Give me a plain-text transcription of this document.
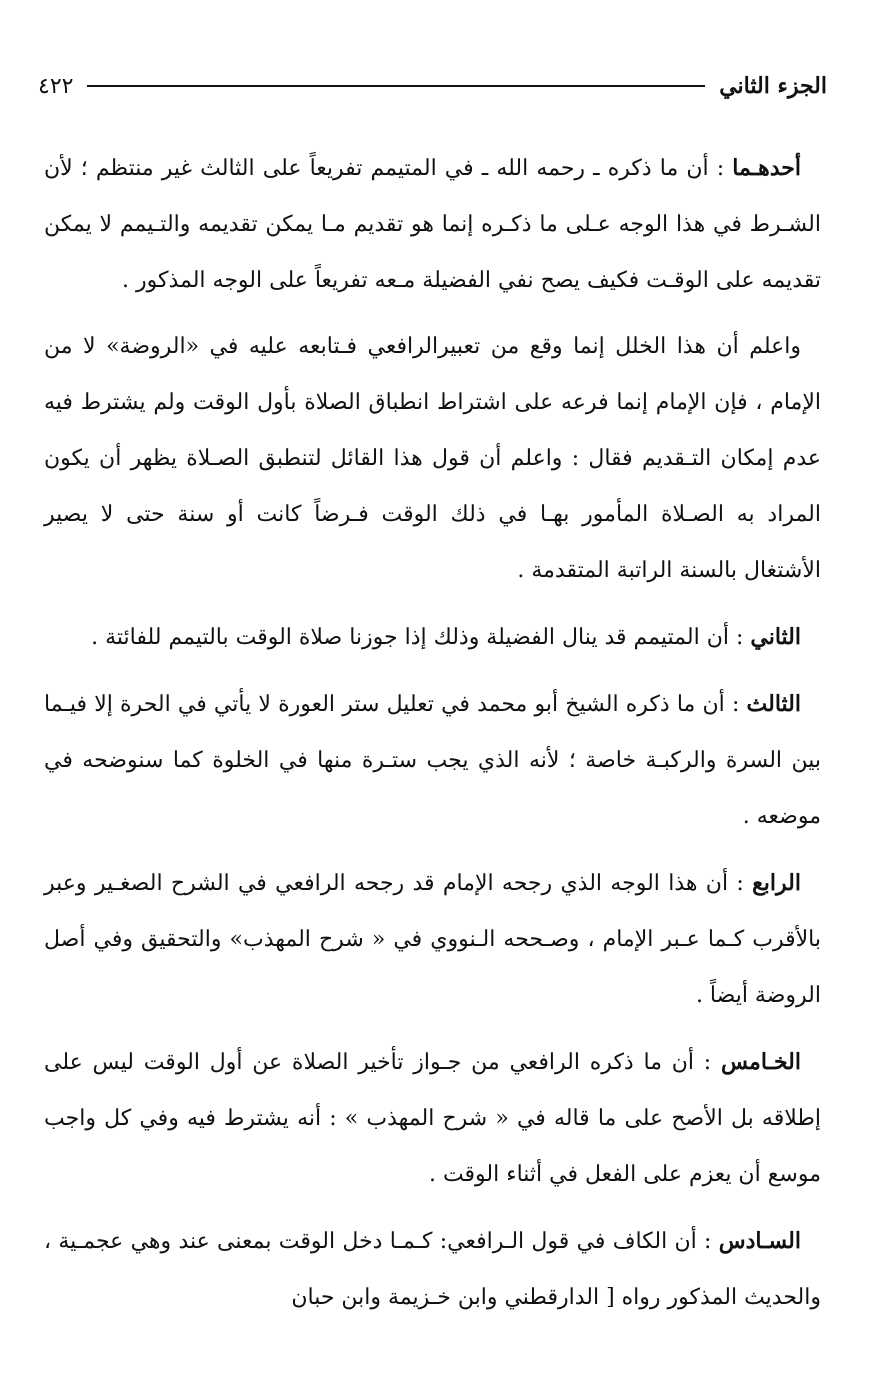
الجزء الثاني
٤٢٢

أحدهـما : أن ما ذكره ـ رحمه الله ـ في المتيمم تفريعاً على الثالث غير منتظم ؛ لأن الشـرط في هذا الوجه عـلى ما ذكـره إنما هو تقديم مـا يمكن تقديمه والتـيمم لا يمكن تقديمه على الوقـت فكيف يصح نفي الفضيلة مـعه تفريعاً على الوجه المذكور .

واعلم أن هذا الخلل إنما وقع من تعبيرالرافعي فـتابعه عليه في «الروضة» لا من الإمام ، فإن الإمام إنما فرعه على اشتراط انطباق الصلاة بأول الوقت ولم يشترط فيه عدم إمكان التـقديم فقال : واعلم أن قول هذا القائل لتنطبق الصـلاة يظهر أن يكون المراد به الصـلاة المأمور بهـا في ذلك الوقت فـرضاً كانت أو سنة حتى لا يصير الأشتغال بالسنة الراتبة المتقدمة .

الثاني : أن المتيمم قد ينال الفضيلة وذلك إذا جوزنا صلاة الوقت بالتيمم للفائتة .

الثالث : أن ما ذكره الشيخ أبو محمد في تعليل ستر العورة لا يأتي في الحرة إلا فيـما بين السرة والركبـة خاصة ؛ لأنه الذي يجب ستـرة منها في الخلوة كما سنوضحه في موضعه .

الرابع : أن هذا الوجه الذي رجحه الإمام قد رجحه الرافعي في الشرح الصغـير وعبر بالأقرب كـما عـبر الإمام ، وصـححه الـنووي في « شرح المهذب» والتحقيق وفي أصل الروضة أيضاً .

الخـامس : أن ما ذكره الرافعي من جـواز تأخير الصلاة عن أول الوقت ليس على إطلاقه بل الأصح على ما قاله في « شرح المهذب » : أنه يشترط فيه وفي كل واجب موسع أن يعزم على الفعل في أثناء الوقت .

السـادس : أن الكاف في قول الـرافعي: كـمـا دخل الوقت بمعنى عند وهي عجمـية ، والحديث المذكور رواه [ الدارقطني وابن خـزيمة وابن حبان
